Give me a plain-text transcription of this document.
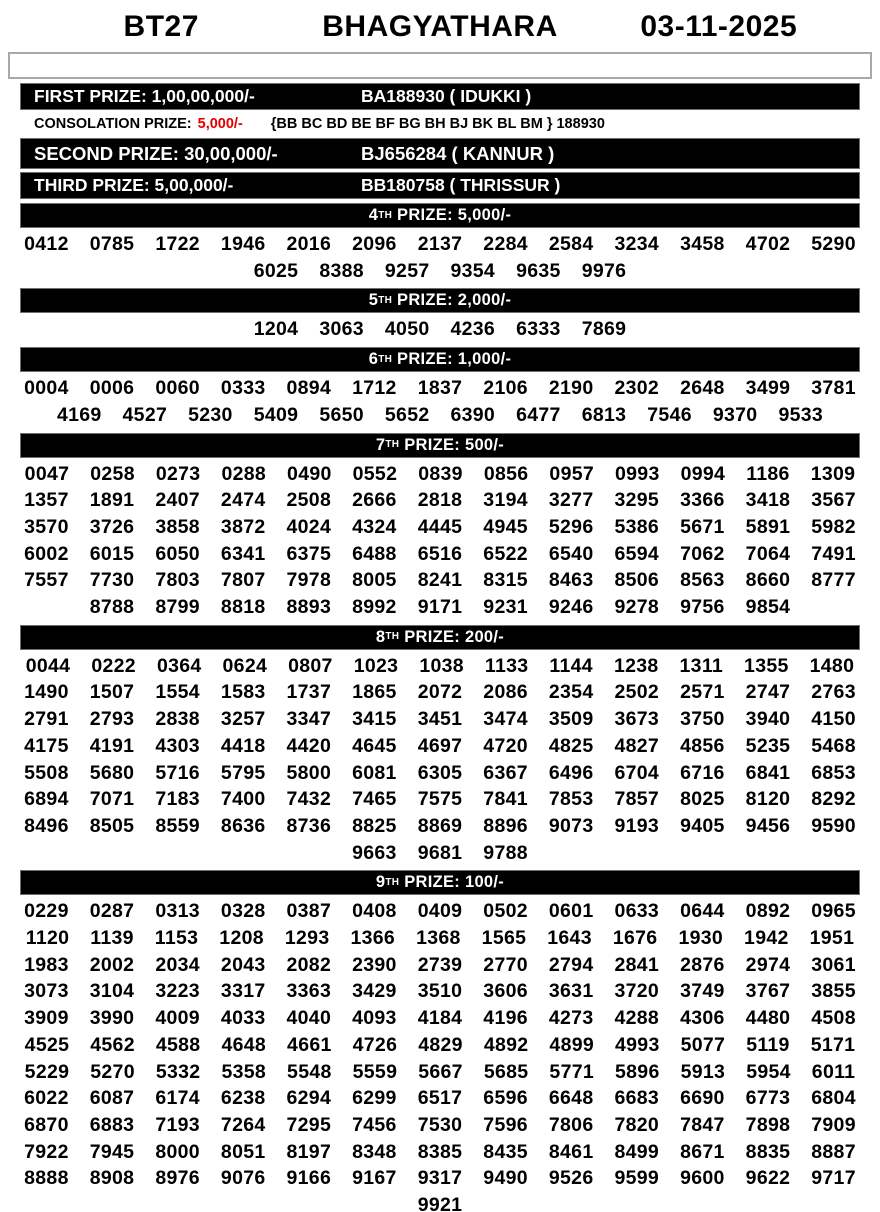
BT27	BHAGYATHARA	03-11-2025
FIRST PRIZE: 1,00,00,000/-	BA188930 ( IDUKKI )
CONSOLATION PRIZE: 5,000/- {BB BC BD BE BF BG BH BJ BK BL BM } 188930
SECOND PRIZE: 30,00,000/-	BJ656284 ( KANNUR )
THIRD PRIZE: 5,00,000/-	BB180758 ( THRISSUR )
4 TH PRIZE: 5,000/-
0412 0785 1722 1946 2016 2096 2137 2284 2584 3234 3458 4702 5290
6025 8388 9257 9354 9635 9976
5 TH PRIZE: 2,000/-
1204 3063 4050 4236 6333 7869
6 TH PRIZE: 1,000/-
0004 0006 0060 0333 0894 1712 1837 2106 2190 2302 2648 3499 3781
4169 4527 5230 5409 5650 5652 6390 6477 6813 7546 9370 9533
7 TH PRIZE: 500/-
0047 0258 0273 0288 0490 0552 0839 0856 0957 0993 0994 1186 1309
1357 1891 2407 2474 2508 2666 2818 3194 3277 3295 3366 3418 3567
3570 3726 3858 3872 4024 4324 4445 4945 5296 5386 5671 5891 5982
6002 6015 6050 6341 6375 6488 6516 6522 6540 6594 7062 7064 7491
7557 7730 7803 7807 7978 8005 8241 8315 8463 8506 8563 8660 8777
8788 8799 8818 8893 8992 9171 9231 9246 9278 9756 9854
8 TH PRIZE: 200/-
0044 0222 0364 0624 0807 1023 1038 1133 1144 1238 1311 1355 1480
1490 1507 1554 1583 1737 1865 2072 2086 2354 2502 2571 2747 2763
2791 2793 2838 3257 3347 3415 3451 3474 3509 3673 3750 3940 4150
4175 4191 4303 4418 4420 4645 4697 4720 4825 4827 4856 5235 5468
5508 5680 5716 5795 5800 6081 6305 6367 6496 6704 6716 6841 6853
6894 7071 7183 7400 7432 7465 7575 7841 7853 7857 8025 8120 8292
8496 8505 8559 8636 8736 8825 8869 8896 9073 9193 9405 9456 9590
9663 9681 9788
9 TH PRIZE: 100/-
0229 0287 0313 0328 0387 0408 0409 0502 0601 0633 0644 0892 0965
1120 1139 1153 1208 1293 1366 1368 1565 1643 1676 1930 1942 1951
1983 2002 2034 2043 2082 2390 2739 2770 2794 2841 2876 2974 3061
3073 3104 3223 3317 3363 3429 3510 3606 3631 3720 3749 3767 3855
3909 3990 4009 4033 4040 4093 4184 4196 4273 4288 4306 4480 4508
4525 4562 4588 4648 4661 4726 4829 4892 4899 4993 5077 5119 5171
5229 5270 5332 5358 5548 5559 5667 5685 5771 5896 5913 5954 6011
6022 6087 6174 6238 6294 6299 6517 6596 6648 6683 6690 6773 6804
6870 6883 7193 7264 7295 7456 7530 7596 7806 7820 7847 7898 7909
7922 7945 8000 8051 8197 8348 8385 8435 8461 8499 8671 8835 8887
8888 8908 8976 9076 9166 9167 9317 9490 9526 9599 9600 9622 9717
9921
